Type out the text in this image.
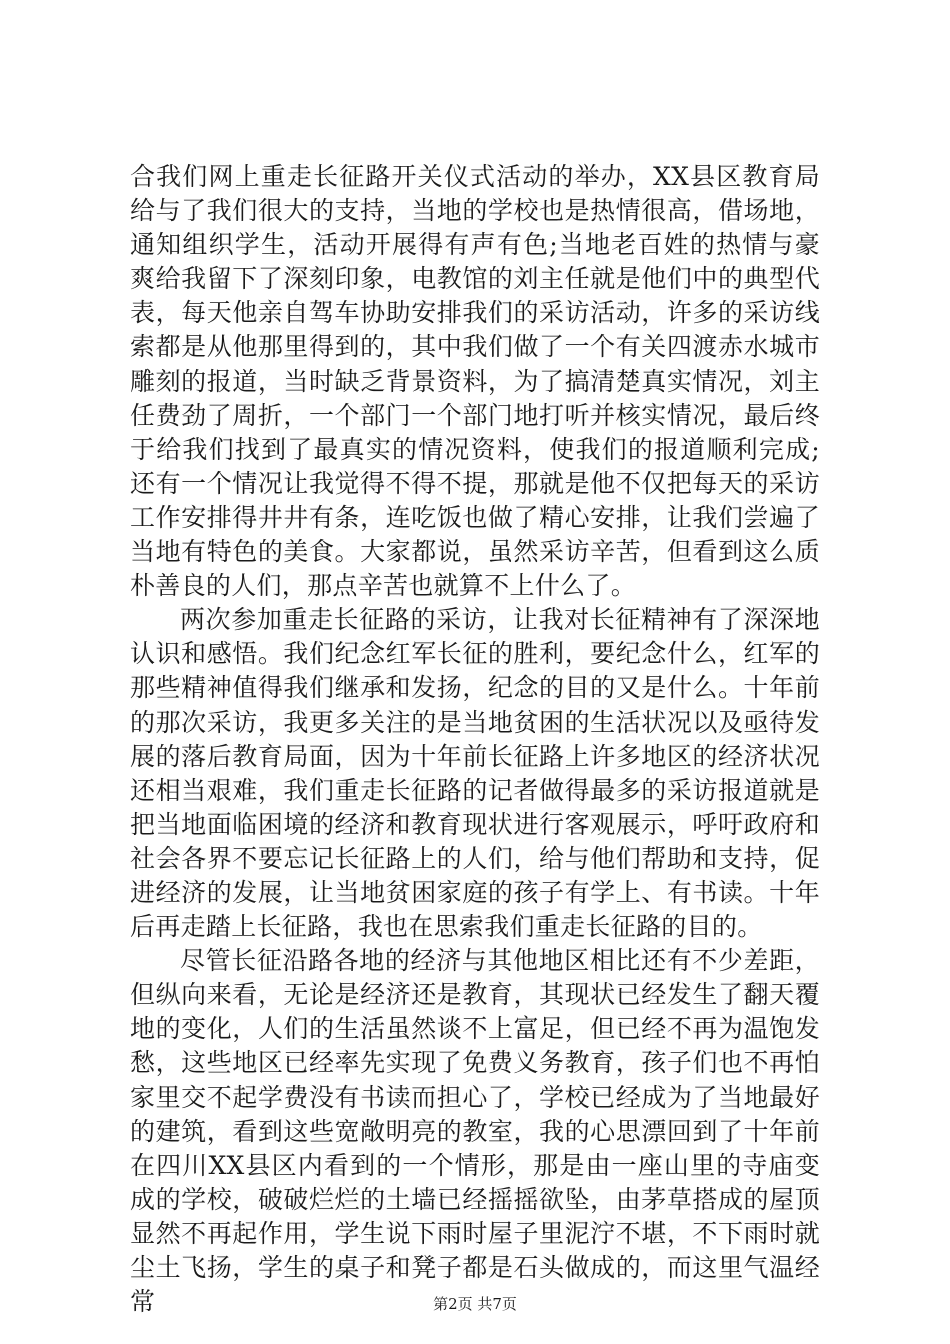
合我们网上重走长征路开关仪式活动的举办，XX县区教育局给与了我们很大的支持，当地的学校也是热情很高，借场地，通知组织学生，活动开展得有声有色;当地老百姓的热情与豪爽给我留下了深刻印象，电教馆的刘主任就是他们中的典型代表，每天他亲自驾车协助安排我们的采访活动，许多的采访线索都是从他那里得到的，其中我们做了一个有关四渡赤水城市雕刻的报道，当时缺乏背景资料，为了搞清楚真实情况，刘主任费劲了周折，一个部门一个部门地打听并核实情况，最后终于给我们找到了最真实的情况资料，使我们的报道顺利完成;还有一个情况让我觉得不得不提，那就是他不仅把每天的采访工作安排得井井有条，连吃饭也做了精心安排，让我们尝遍了当地有特色的美食。大家都说，虽然采访辛苦，但看到这么质朴善良的人们，那点辛苦也就算不上什么了。

两次参加重走长征路的采访，让我对长征精神有了深深地认识和感悟。我们纪念红军长征的胜利，要纪念什么，红军的那些精神值得我们继承和发扬，纪念的目的又是什么。十年前的那次采访，我更多关注的是当地贫困的生活状况以及亟待发展的落后教育局面，因为十年前长征路上许多地区的经济状况还相当艰难，我们重走长征路的记者做得最多的采访报道就是把当地面临困境的经济和教育现状进行客观展示，呼吁政府和社会各界不要忘记长征路上的人们，给与他们帮助和支持，促进经济的发展，让当地贫困家庭的孩子有学上、有书读。十年后再走踏上长征路，我也在思索我们重走长征路的目的。

尽管长征沿路各地的经济与其他地区相比还有不少差距，但纵向来看，无论是经济还是教育，其现状已经发生了翻天覆地的变化，人们的生活虽然谈不上富足，但已经不再为温饱发愁，这些地区已经率先实现了免费义务教育，孩子们也不再怕家里交不起学费没有书读而担心了，学校已经成为了当地最好的建筑，看到这些宽敞明亮的教室，我的心思漂回到了十年前在四川XX县区内看到的一个情形，那是由一座山里的寺庙变成的学校，破破烂烂的土墙已经摇摇欲坠，由茅草搭成的屋顶显然不再起作用，学生说下雨时屋子里泥泞不堪，不下雨时就尘土飞扬，学生的桌子和凳子都是石头做成的，而这里气温经常	第2页 共7页
